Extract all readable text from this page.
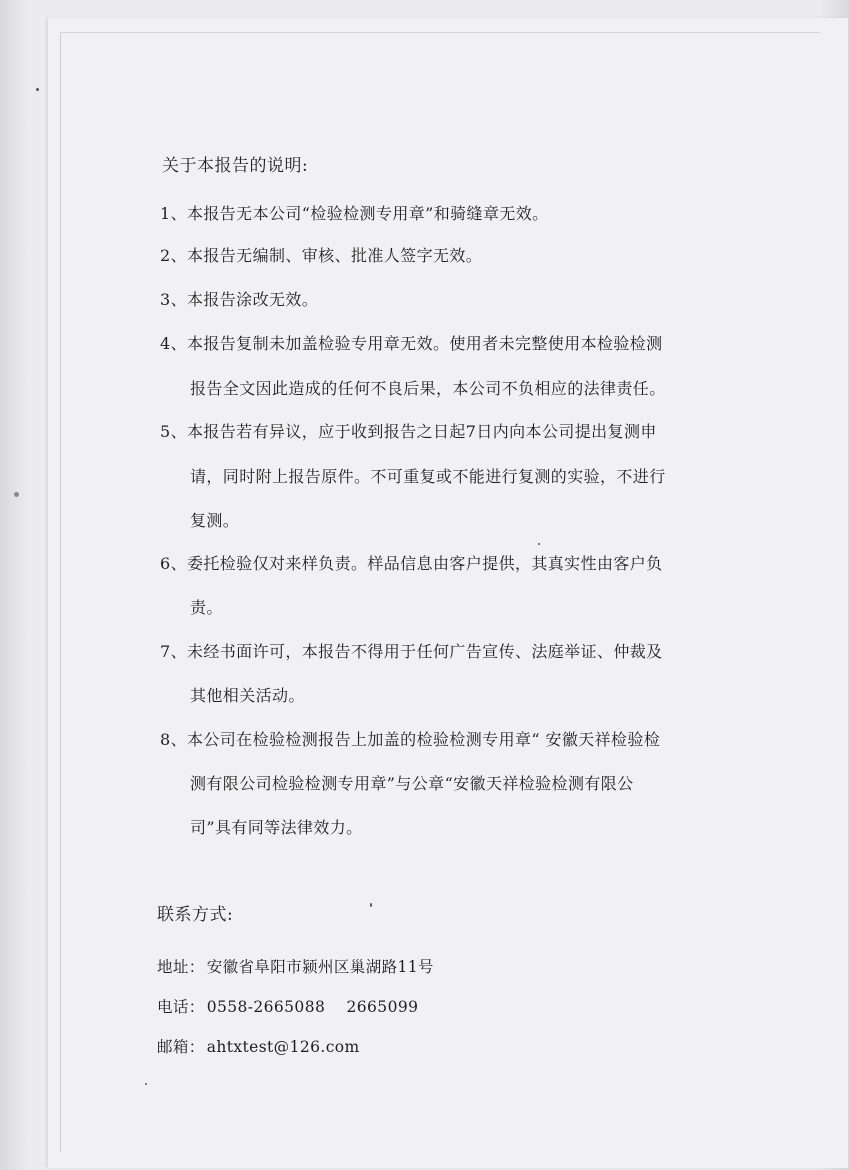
关于本报告的说明:
1、本报告无本公司“检验检测专用章”和骑缝章无效。
2、本报告无编制、审核、批准人签字无效。
3、本报告涂改无效。
4、本报告复制未加盖检验专用章无效。使用者未完整使用本检验检测
报告全文因此造成的任何不良后果，本公司不负相应的法律责任。
5、本报告若有异议，应于收到报告之日起7日内向本公司提出复测申
请，同时附上报告原件。不可重复或不能进行复测的实验，不进行
复测。
6、委托检验仅对来样负责。样品信息由客户提供，其真实性由客户负
责。
7、未经书面许可，本报告不得用于任何广告宣传、法庭举证、仲裁及
其他相关活动。
8、本公司在检验检测报告上加盖的检验检测专用章“ 安徽天祥检验检
测有限公司检验检测专用章”与公章“安徽天祥检验检测有限公
司”具有同等法律效力。
联系方式:
地址： 安徽省阜阳市颍州区巢湖路11号
电话： 0558-2665088    2665099
邮箱： ahtxtest@126.com
